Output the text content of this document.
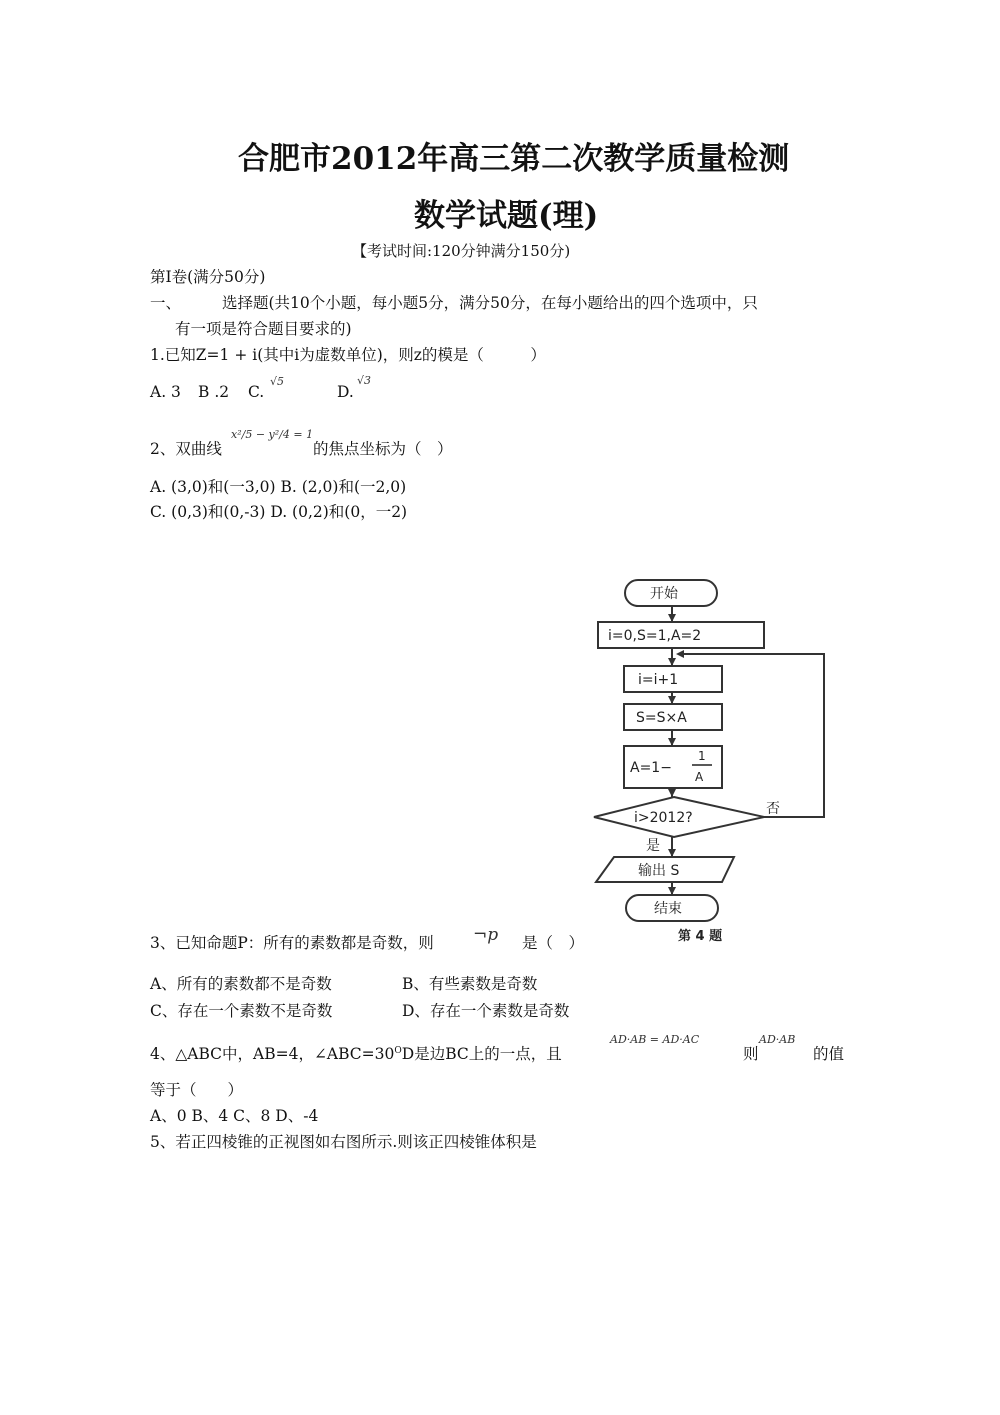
合肥市2012年高三第二次教学质量检测
数学试题(理)
【考试时间:120分钟满分150分)
第I卷(满分50分)
一、	选择题(共10个小题，每小题5分，满分50分，在每小题给出的四个选项中，只
有一项是符合题目要求的)
1.已知Z=1 + i(其中i为虚数单位)，则z的模是（　　　）
A. 3 B .2 C.
√5
D.
√3
2、双曲线
x²/5 − y²/4 = 1
的焦点坐标为（　）
A. (3,0)和(一3,0) B. (2,0)和(一2,0)
C. (0,3)和(0,-3) D. (0,2)和(0，一2)
开始
i=0,S=1,A=2
i=i+1
S=S×A
A=1−
1
A
i>2012?
否
是
输出 S
结束
第 4 题
3、已知命题P：所有的素数都是奇数，则 ¬p 是（　）
A、所有的素数都不是奇数	B、有些素数是奇数
C、存在一个素数不是奇数	D、存在一个素数是奇数
4、△ABC中，AB=4，$\angle ABC=30^OD$是边BC上的一点，且
AD·AB = AD·AC
则
AD·AB
的值
等于（　　）
A、0 B、4 C、8 D、-4
5、若正四棱锥的正视图如右图所示.则该正四棱锥体积是
